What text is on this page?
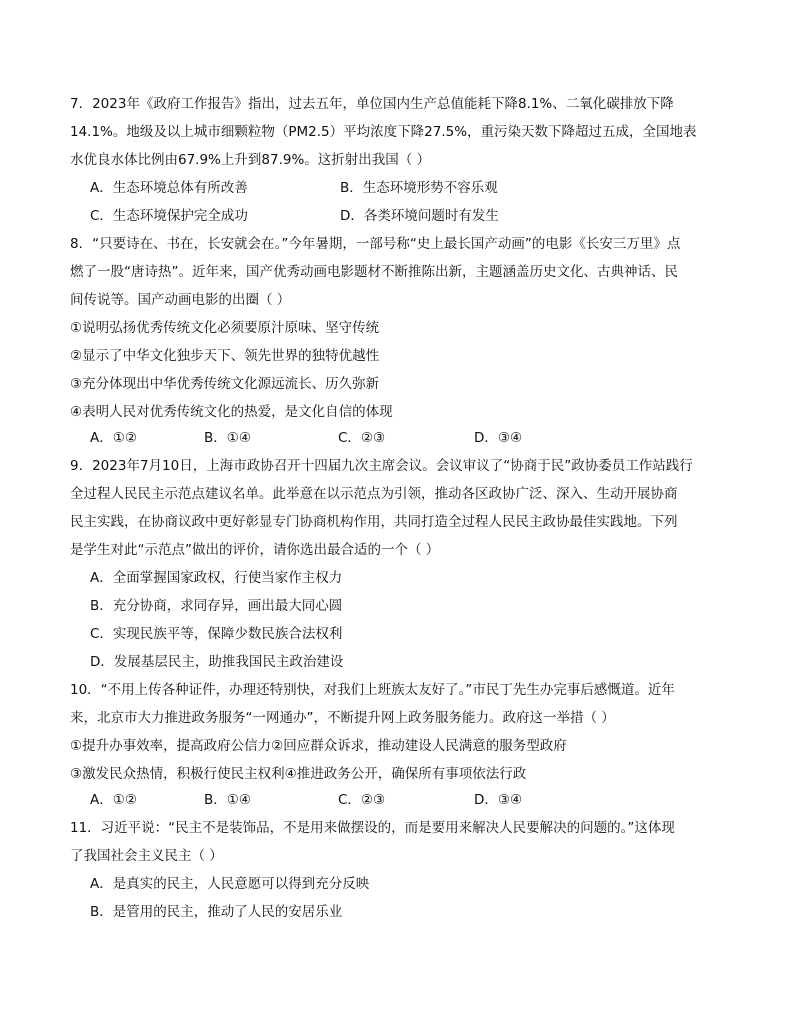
7．2023年《政府工作报告》指出，过去五年，单位国内生产总值能耗下降8.1%、二氧化碳排放下降
14.1%。地级及以上城市细颗粒物（PM2.5）平均浓度下降27.5%，重污染天数下降超过五成，全国地表
水优良水体比例由67.9%上升到87.9%。这折射出我国（ ）
A．生态环境总体有所改善	B．生态环境形势不容乐观
C．生态环境保护完全成功	D．各类环境问题时有发生
8．“只要诗在、书在，长安就会在。”今年暑期，一部号称“史上最长国产动画”的电影《长安三万里》点
燃了一股“唐诗热”。近年来，国产优秀动画电影题材不断推陈出新，主题涵盖历史文化、古典神话、民
间传说等。国产动画电影的出圈（ ）
①说明弘扬优秀传统文化必须要原汁原味、坚守传统
②显示了中华文化独步天下、领先世界的独特优越性
③充分体现出中华优秀传统文化源远流长、历久弥新
④表明人民对优秀传统文化的热爱，是文化自信的体现
A．①②	B．①④	C．②③	D．③④
9．2023年7月10日，上海市政协召开十四届九次主席会议。会议审议了“协商于民”政协委员工作站践行
全过程人民民主示范点建议名单。此举意在以示范点为引领，推动各区政协广泛、深入、生动开展协商
民主实践，在协商议政中更好彰显专门协商机构作用，共同打造全过程人民民主政协最佳实践地。下列
是学生对此“示范点”做出的评价，请你选出最合适的一个（ ）
A．全面掌握国家政权，行使当家作主权力
B．充分协商，求同存异，画出最大同心圆
C．实现民族平等，保障少数民族合法权利
D．发展基层民主，助推我国民主政治建设
10．“不用上传各种证件，办理还特别快，对我们上班族太友好了。”市民丁先生办完事后感慨道。近年
来，北京市大力推进政务服务“一网通办”，不断提升网上政务服务能力。政府这一举措（ ）
①提升办事效率，提高政府公信力②回应群众诉求，推动建设人民满意的服务型政府
③激发民众热情，积极行使民主权利④推进政务公开，确保所有事项依法行政
A．①②	B．①④	C．②③	D．③④
11．习近平说：“民主不是装饰品，不是用来做摆设的，而是要用来解决人民要解决的问题的。”这体现
了我国社会主义民主（ ）
A．是真实的民主，人民意愿可以得到充分反映
B．是管用的民主，推动了人民的安居乐业
